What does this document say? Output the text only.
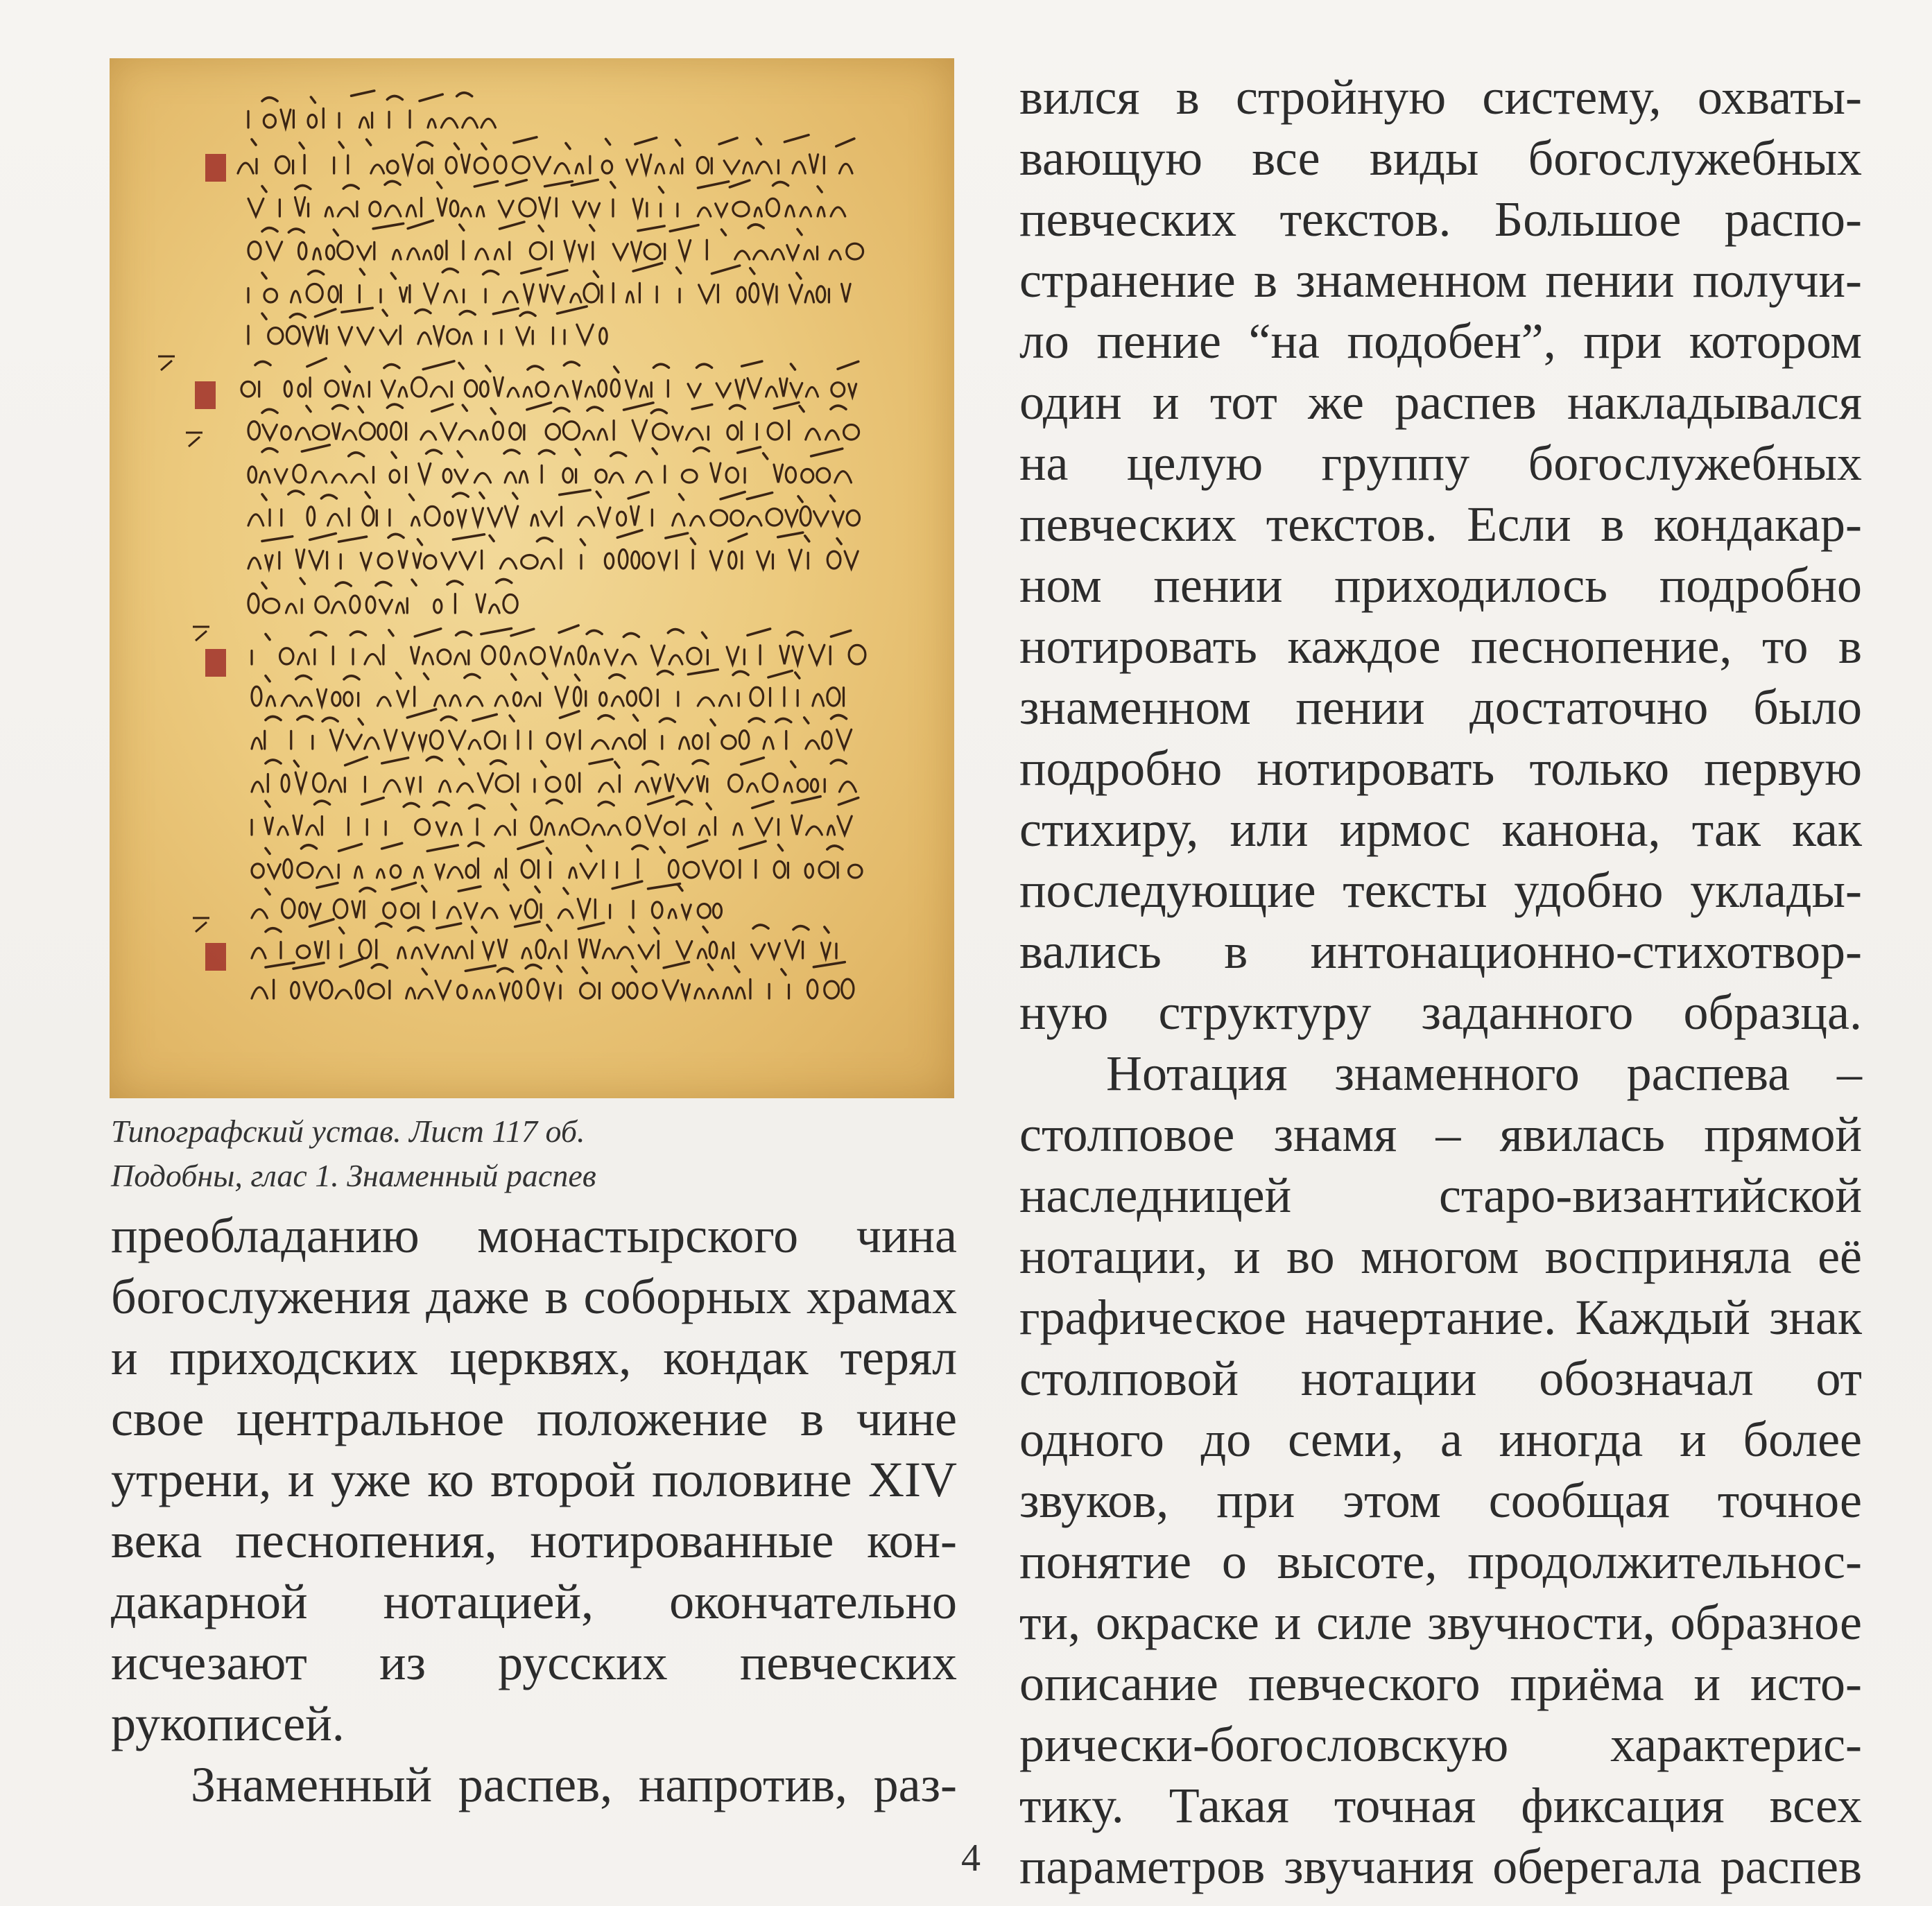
Типографский устав. Лист 117 об.
Подобны, глас 1. Знаменный распев
преобладанию монастырского чина
богослужения даже в соборных храмах
и приходских церквях, кондак терял
свое центральное положение в чине
утрени, и уже ко второй половине XIV
века песнопения, нотированные кон-
дакарной нотацией, окончательно
исчезают из русских певческих
рукописей.
Знаменный распев, напротив, раз-
вился в стройную систему, охваты-
вающую все виды богослужебных
певческих текстов. Большое распо-
странение в знаменном пении получи-
ло пение “на подобен”, при котором
один и тот же распев накладывался
на целую группу богослужебных
певческих текстов. Если в кондакар-
ном пении приходилось подробно
нотировать каждое песнопение, то в
знаменном пении достаточно было
подробно нотировать только первую
стихиру, или ирмос канона, так как
последующие тексты удобно уклады-
вались в интонационно-стихотвор-
ную структуру заданного образца.
Нотация знаменного распева –
столповое знамя – явилась прямой
наследницей старо-византийской
нотации, и во многом восприняла её
графическое начертание. Каждый знак
столповой нотации обозначал от
одного до семи, а иногда и более
звуков, при этом сообщая точное
понятие о высоте, продолжительнос-
ти, окраске и силе звучности, образное
описание певческого приёма и исто-
рически-богословскую характерис-
тику. Такая точная фиксация всех
параметров звучания оберегала распев
4
